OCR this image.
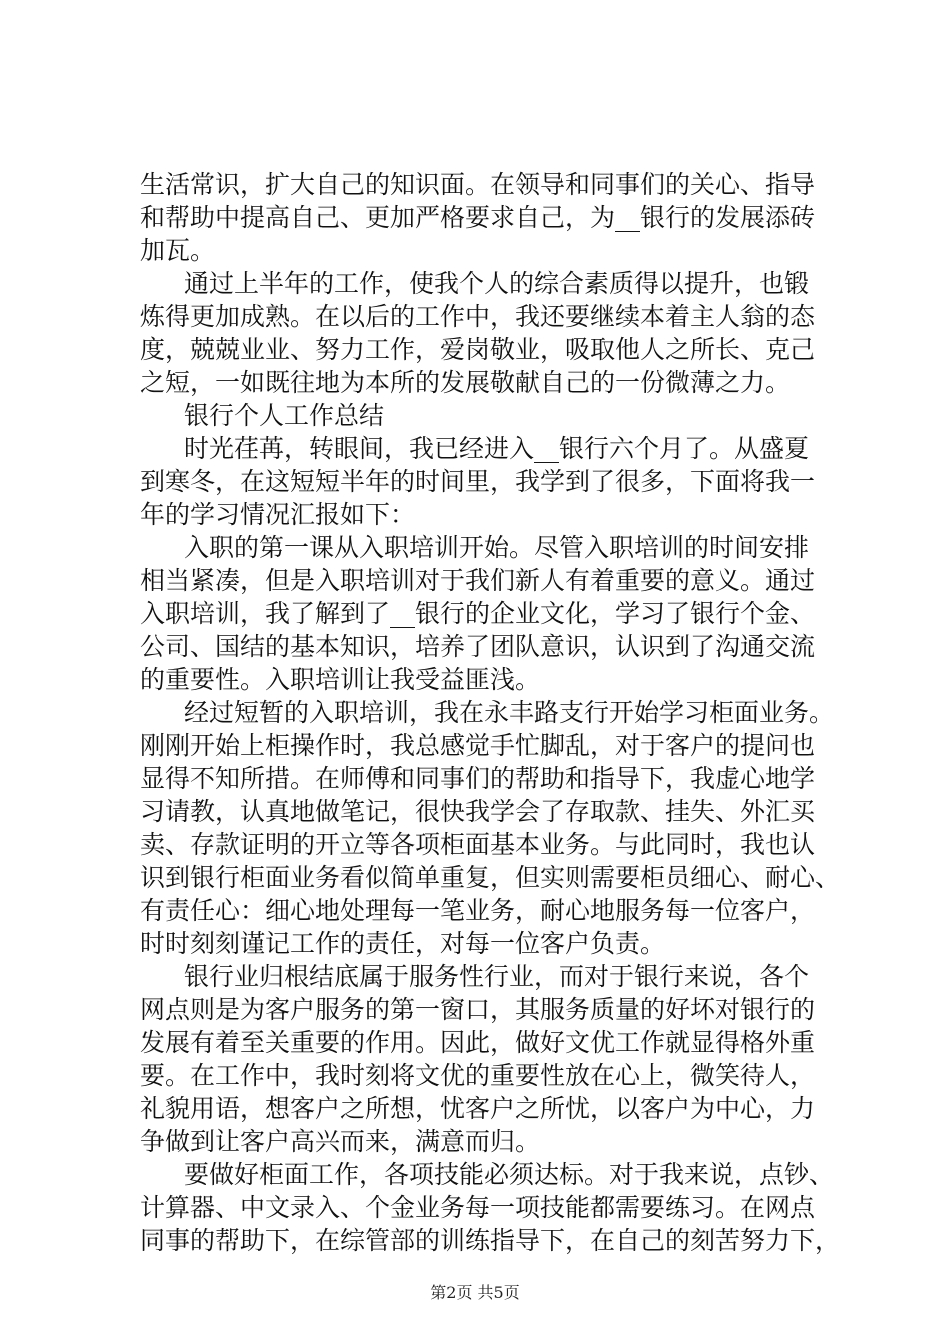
生活常识，扩大自己的知识面。在领导和同事们的关心、指导
和帮助中提高自己、更加严格要求自己，为__银行的发展添砖
加瓦。
通过上半年的工作，使我个人的综合素质得以提升，也锻
炼得更加成熟。在以后的工作中，我还要继续本着主人翁的态
度，兢兢业业、努力工作，爱岗敬业，吸取他人之所长、克己
之短，一如既往地为本所的发展敬献自己的一份微薄之力。
银行个人工作总结
时光荏苒，转眼间，我已经进入__银行六个月了。从盛夏
到寒冬，在这短短半年的时间里，我学到了很多，下面将我一
年的学习情况汇报如下：
入职的第一课从入职培训开始。尽管入职培训的时间安排
相当紧凑，但是入职培训对于我们新人有着重要的意义。通过
入职培训，我了解到了__银行的企业文化，学习了银行个金、
公司、国结的基本知识，培养了团队意识，认识到了沟通交流
的重要性。入职培训让我受益匪浅。
经过短暂的入职培训，我在永丰路支行开始学习柜面业务。
刚刚开始上柜操作时，我总感觉手忙脚乱，对于客户的提问也
显得不知所措。在师傅和同事们的帮助和指导下，我虚心地学
习请教，认真地做笔记，很快我学会了存取款、挂失、外汇买
卖、存款证明的开立等各项柜面基本业务。与此同时，我也认
识到银行柜面业务看似简单重复，但实则需要柜员细心、耐心、
有责任心：细心地处理每一笔业务，耐心地服务每一位客户，
时时刻刻谨记工作的责任，对每一位客户负责。
银行业归根结底属于服务性行业，而对于银行来说，各个
网点则是为客户服务的第一窗口，其服务质量的好坏对银行的
发展有着至关重要的作用。因此，做好文优工作就显得格外重
要。在工作中，我时刻将文优的重要性放在心上，微笑待人，
礼貌用语，想客户之所想，忧客户之所忧，以客户为中心，力
争做到让客户高兴而来，满意而归。
要做好柜面工作，各项技能必须达标。对于我来说，点钞、
计算器、中文录入、个金业务每一项技能都需要练习。在网点
同事的帮助下，在综管部的训练指导下，在自己的刻苦努力下，
第2页 共5页
